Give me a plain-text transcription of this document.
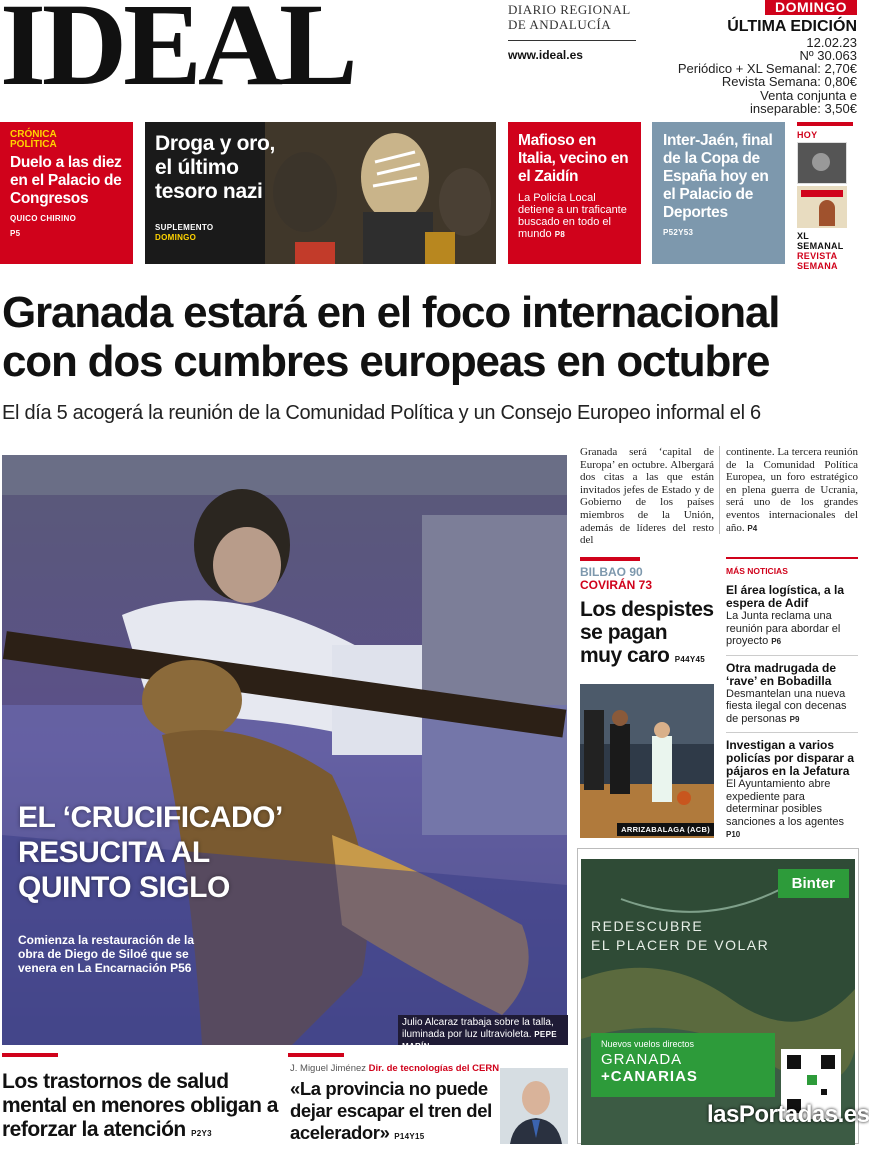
IDEAL	DIARIO REGIONAL
DE ANDALUCÍA
www.ideal.es
DOMINGO
ÚLTIMA EDICIÓN
12.02.23
Nº 30.063
Periódico + XL Semanal: 2,70€
Revista Semana: 0,80€
Venta conjunta e
inseparable: 3,50€
CRÓNICA
POLÍTICA
Duelo a las diez en el Palacio de Congresos
QUICO CHIRINO
P5
Droga y oro, el último tesoro nazi
SUPLEMENTO
DOMINGO
Mafioso en Italia, vecino en el Zaidín
La Policía Local detiene a un traficante buscado en todo el mundo P8
Inter-Jaén, final de la Copa de España hoy en el Palacio de Deportes
P52Y53
HOY
XL
SEMANAL
REVISTA
SEMANA
Granada estará en el foco internacional con dos cumbres europeas en octubre
El día 5 acogerá la reunión de la Comunidad Política y un Consejo Europeo informal el 6
EL ‘CRUCIFICADO’
RESUCITA AL
QUINTO SIGLO
Comienza la restauración de la obra de Diego de Siloé que se venera en La Encarnación P56
Julio Alcaraz trabaja sobre la talla,
iluminada por luz ultravioleta. PEPE MARÍN
Granada será ‘capital de Europa’ en octubre. Albergará dos citas a las que están invitados jefes de Estado y de Gobierno de los países miembros de la Unión, además de líderes del resto del
continente. La tercera reunión de la Comunidad Política Europea, un foro estratégico en plena guerra de Ucrania, será uno de los grandes eventos internacionales del año. P4
BILBAO 90
COVIRÁN 73
Los despistes se pagan muy caro P44Y45
ARRIZABALAGA (ACB)
MÁS NOTICIAS
El área logística, a la espera de Adif
La Junta reclama una reunión para abordar el proyecto P6
Otra madrugada de ‘rave’ en Bobadilla
Desmantelan una nueva fiesta ilegal con decenas de personas P9
Investigan a varios policías por disparar a pájaros en la Jefatura
El Ayuntamiento abre expediente para determinar posibles sanciones a los agentes P10
Binter
REDESCUBRE
EL PLACER DE VOLAR
Nuevos vuelos directos
GRANADA
+CANARIAS
lasPortadas.es
Los trastornos de salud mental en menores obligan a reforzar la atención P2Y3
J. Miguel Jiménez Dir. de tecnologías del CERN
«La provincia no puede dejar escapar el tren del acelerador» P14Y15
